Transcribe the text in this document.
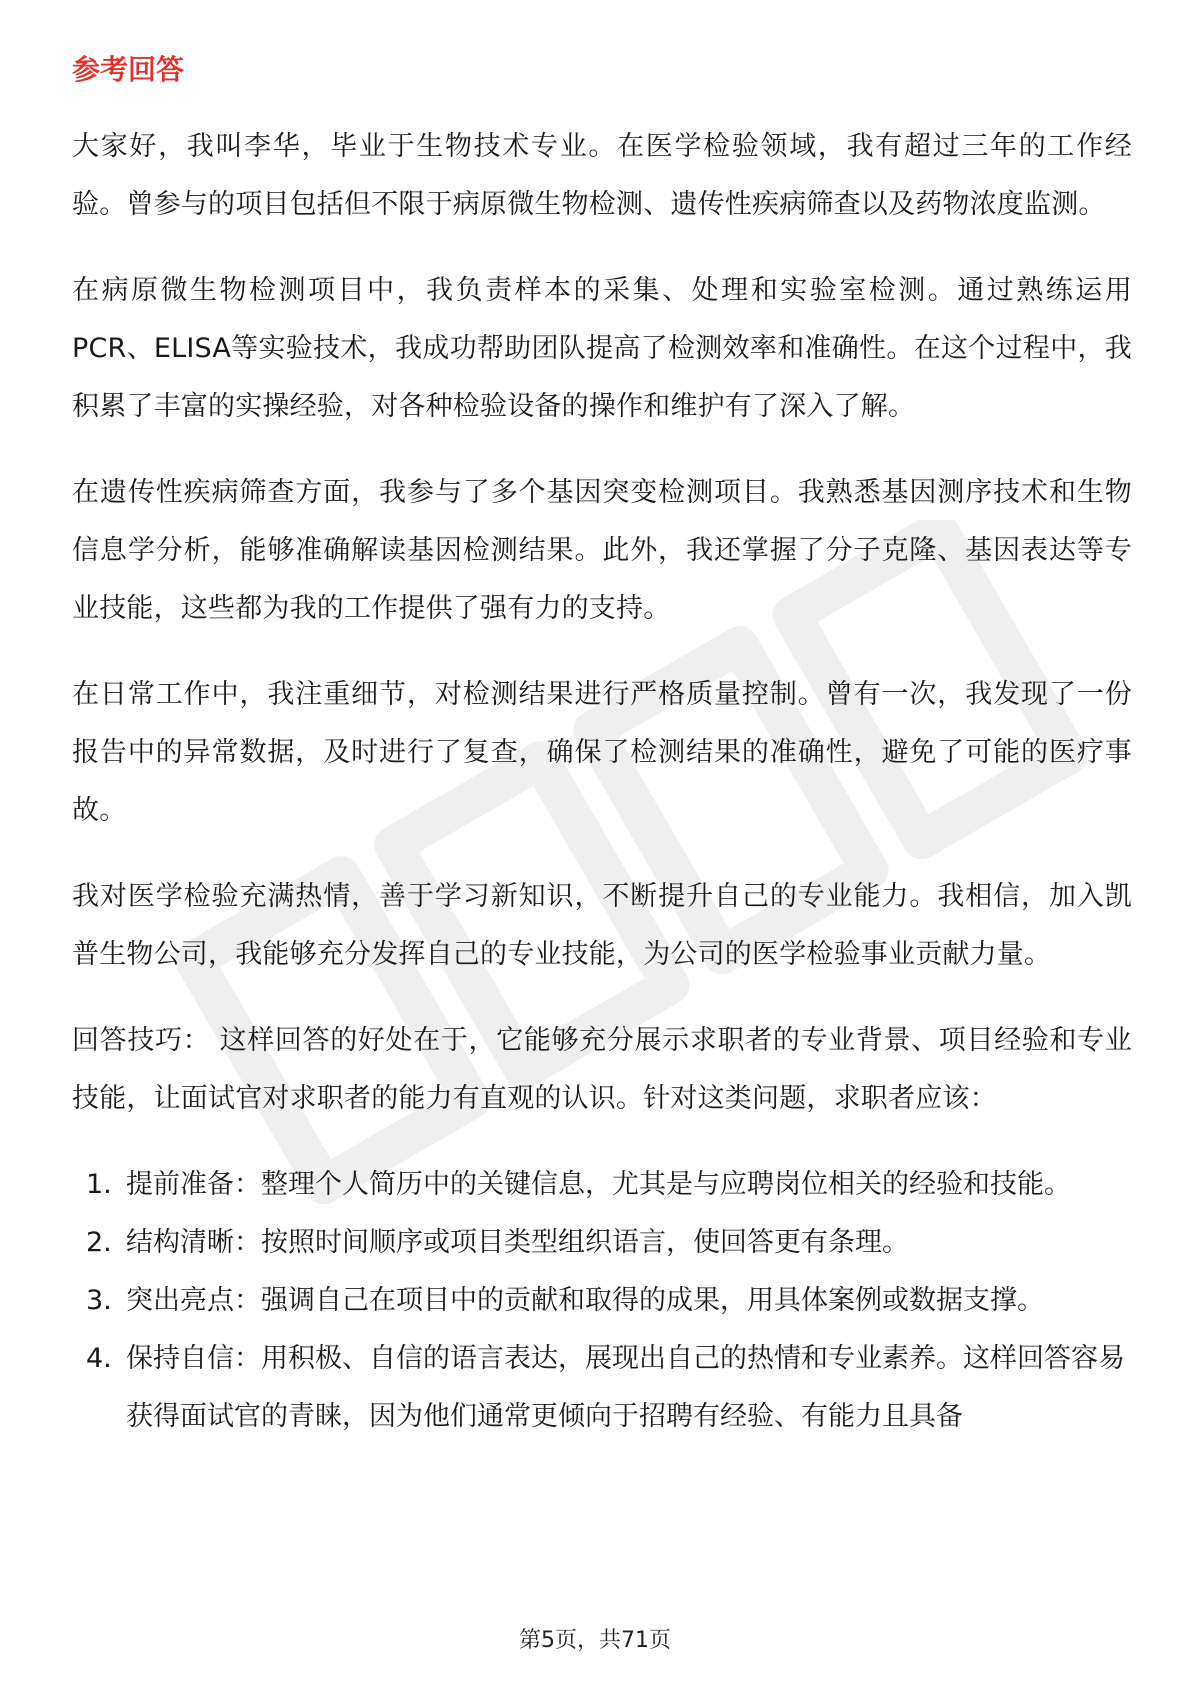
参考回答

大家好，我叫李华，毕业于生物技术专业。在医学检验领域，我有超过三年的工作经验。曾参与的项目包括但不限于病原微生物检测、遗传性疾病筛查以及药物浓度监测。

在病原微生物检测项目中，我负责样本的采集、处理和实验室检测。通过熟练运用PCR、ELISA等实验技术，我成功帮助团队提高了检测效率和准确性。在这个过程中，我积累了丰富的实操经验，对各种检验设备的操作和维护有了深入了解。

在遗传性疾病筛查方面，我参与了多个基因突变检测项目。我熟悉基因测序技术和生物信息学分析，能够准确解读基因检测结果。此外，我还掌握了分子克隆、基因表达等专业技能，这些都为我的工作提供了强有力的支持。

在日常工作中，我注重细节，对检测结果进行严格质量控制。曾有一次，我发现了一份报告中的异常数据，及时进行了复查，确保了检测结果的准确性，避免了可能的医疗事故。

我对医学检验充满热情，善于学习新知识，不断提升自己的专业能力。我相信，加入凯普生物公司，我能够充分发挥自己的专业技能，为公司的医学检验事业贡献力量。

回答技巧： 这样回答的好处在于，它能够充分展示求职者的专业背景、项目经验和专业技能，让面试官对求职者的能力有直观的认识。针对这类问题，求职者应该：

1. 提前准备：整理个人简历中的关键信息，尤其是与应聘岗位相关的经验和技能。
2. 结构清晰：按照时间顺序或项目类型组织语言，使回答更有条理。
3. 突出亮点：强调自己在项目中的贡献和取得的成果，用具体案例或数据支撑。
4. 保持自信：用积极、自信的语言表达，展现出自己的热情和专业素养。这样回答容易获得面试官的青睐，因为他们通常更倾向于招聘有经验、有能力且具备
第5页，共71页
